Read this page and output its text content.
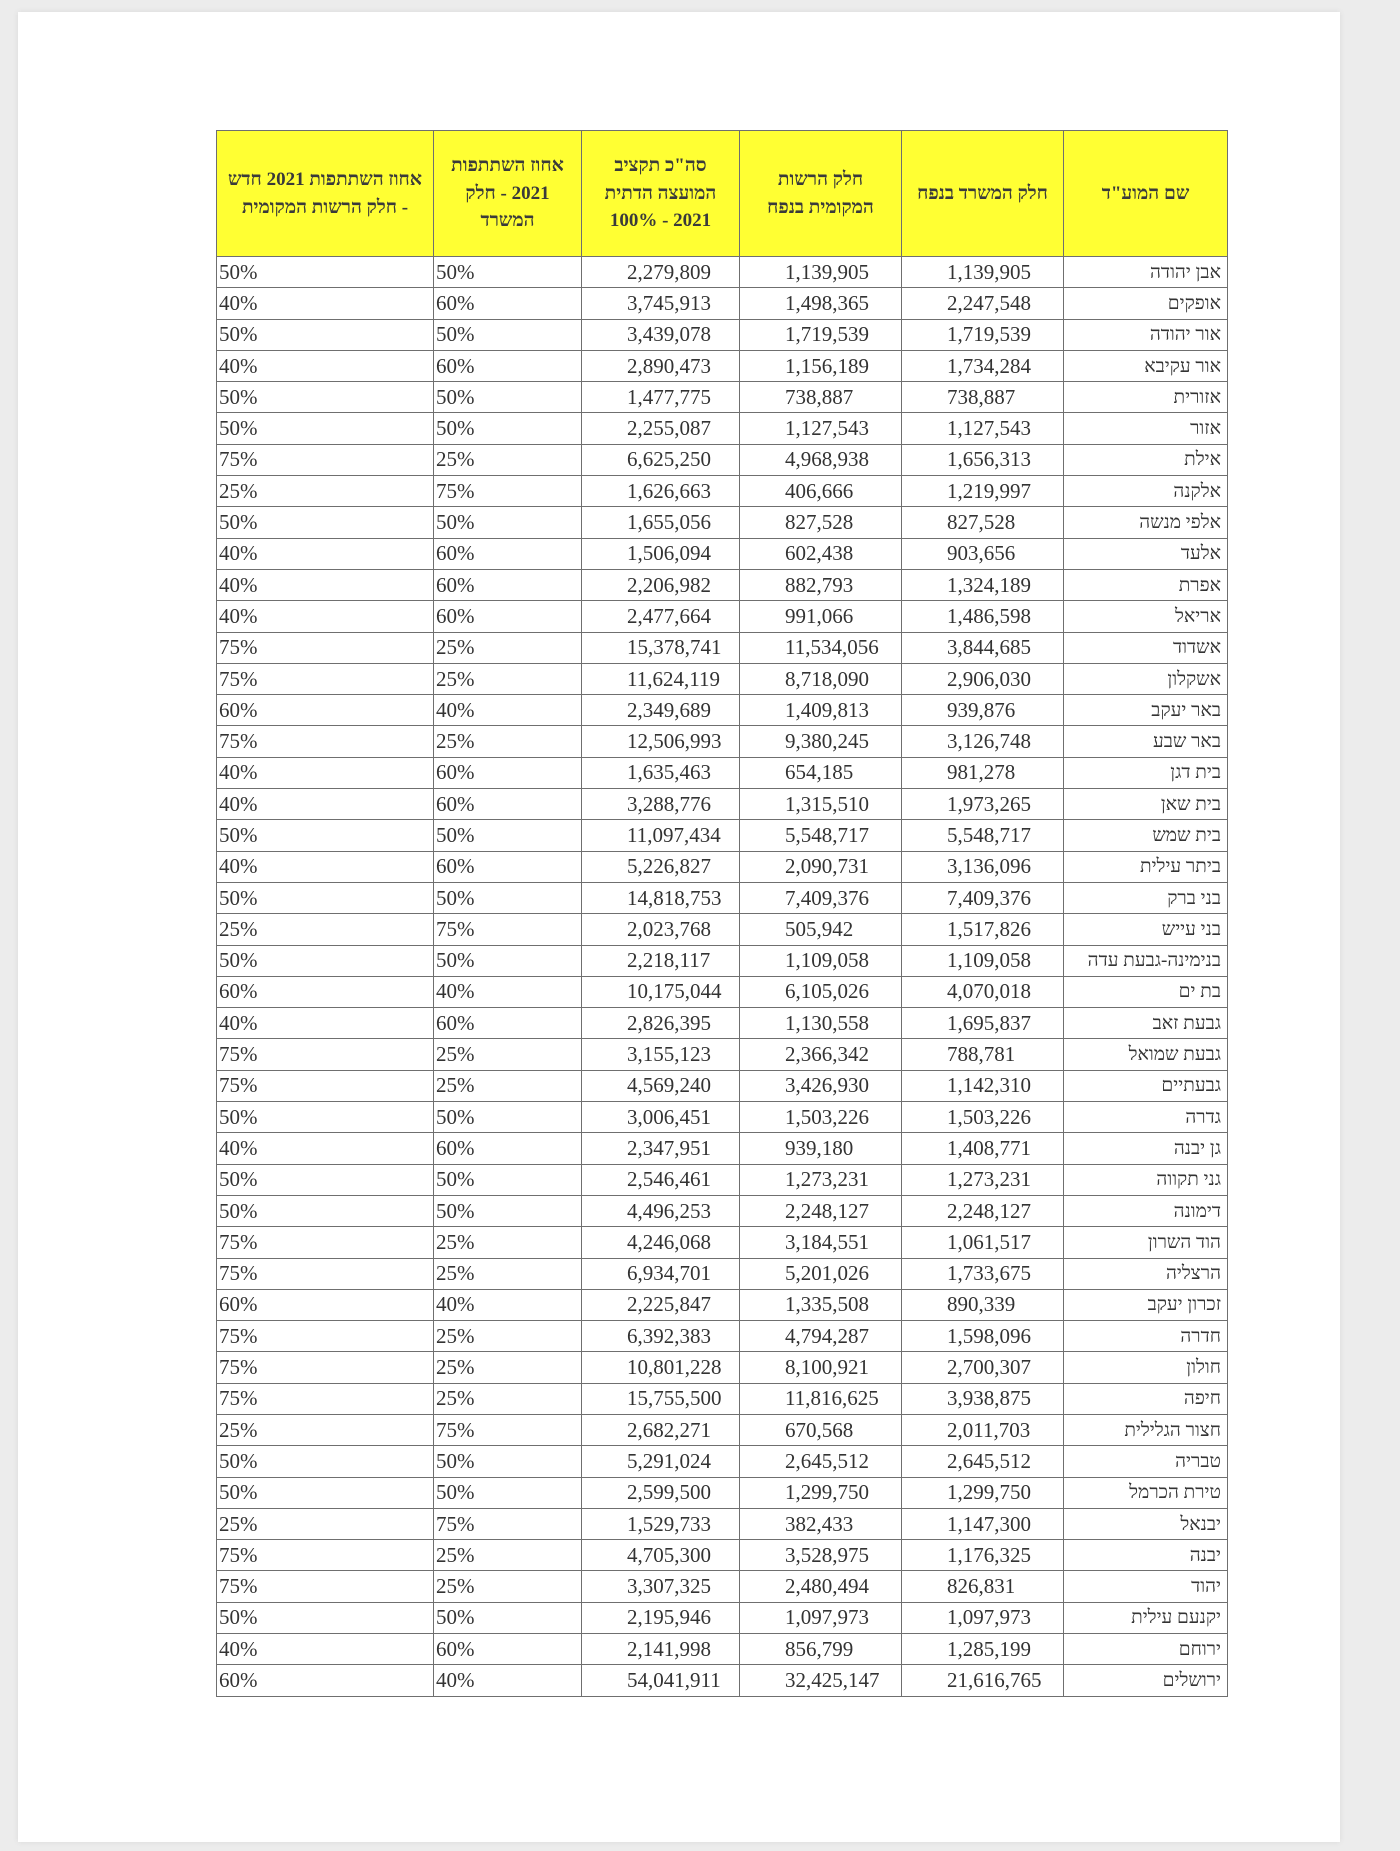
שם המוע"ד	חלק המשרד בנפח	חלק הרשות המקומית בנפח	סה"כ תקציב המועצה הדתית 2021 - 100%	אחוז השתתפות 2021 - חלק המשרד	אחוז השתתפות 2021 חדש - חלק הרשות המקומית
אבן יהודה	1,139,905	1,139,905	2,279,809	50%	50%
אופקים	2,247,548	1,498,365	3,745,913	60%	40%
אור יהודה	1,719,539	1,719,539	3,439,078	50%	50%
אור עקיבא	1,734,284	1,156,189	2,890,473	60%	40%
אזורית	738,887	738,887	1,477,775	50%	50%
אזור	1,127,543	1,127,543	2,255,087	50%	50%
אילת	1,656,313	4,968,938	6,625,250	25%	75%
אלקנה	1,219,997	406,666	1,626,663	75%	25%
אלפי מנשה	827,528	827,528	1,655,056	50%	50%
אלעד	903,656	602,438	1,506,094	60%	40%
אפרת	1,324,189	882,793	2,206,982	60%	40%
אריאל	1,486,598	991,066	2,477,664	60%	40%
אשדוד	3,844,685	11,534,056	15,378,741	25%	75%
אשקלון	2,906,030	8,718,090	11,624,119	25%	75%
באר יעקב	939,876	1,409,813	2,349,689	40%	60%
באר שבע	3,126,748	9,380,245	12,506,993	25%	75%
בית דגן	981,278	654,185	1,635,463	60%	40%
בית שאן	1,973,265	1,315,510	3,288,776	60%	40%
בית שמש	5,548,717	5,548,717	11,097,434	50%	50%
ביתר עילית	3,136,096	2,090,731	5,226,827	60%	40%
בני ברק	7,409,376	7,409,376	14,818,753	50%	50%
בני עייש	1,517,826	505,942	2,023,768	75%	25%
בנימינה-גבעת עדה	1,109,058	1,109,058	2,218,117	50%	50%
בת ים	4,070,018	6,105,026	10,175,044	40%	60%
גבעת זאב	1,695,837	1,130,558	2,826,395	60%	40%
גבעת שמואל	788,781	2,366,342	3,155,123	25%	75%
גבעתיים	1,142,310	3,426,930	4,569,240	25%	75%
גדרה	1,503,226	1,503,226	3,006,451	50%	50%
גן יבנה	1,408,771	939,180	2,347,951	60%	40%
גני תקווה	1,273,231	1,273,231	2,546,461	50%	50%
דימונה	2,248,127	2,248,127	4,496,253	50%	50%
הוד השרון	1,061,517	3,184,551	4,246,068	25%	75%
הרצליה	1,733,675	5,201,026	6,934,701	25%	75%
זכרון יעקב	890,339	1,335,508	2,225,847	40%	60%
חדרה	1,598,096	4,794,287	6,392,383	25%	75%
חולון	2,700,307	8,100,921	10,801,228	25%	75%
חיפה	3,938,875	11,816,625	15,755,500	25%	75%
חצור הגלילית	2,011,703	670,568	2,682,271	75%	25%
טבריה	2,645,512	2,645,512	5,291,024	50%	50%
טירת הכרמל	1,299,750	1,299,750	2,599,500	50%	50%
יבנאל	1,147,300	382,433	1,529,733	75%	25%
יבנה	1,176,325	3,528,975	4,705,300	25%	75%
יהוד	826,831	2,480,494	3,307,325	25%	75%
יקנעם עילית	1,097,973	1,097,973	2,195,946	50%	50%
ירוחם	1,285,199	856,799	2,141,998	60%	40%
ירושלים	21,616,765	32,425,147	54,041,911	40%	60%
